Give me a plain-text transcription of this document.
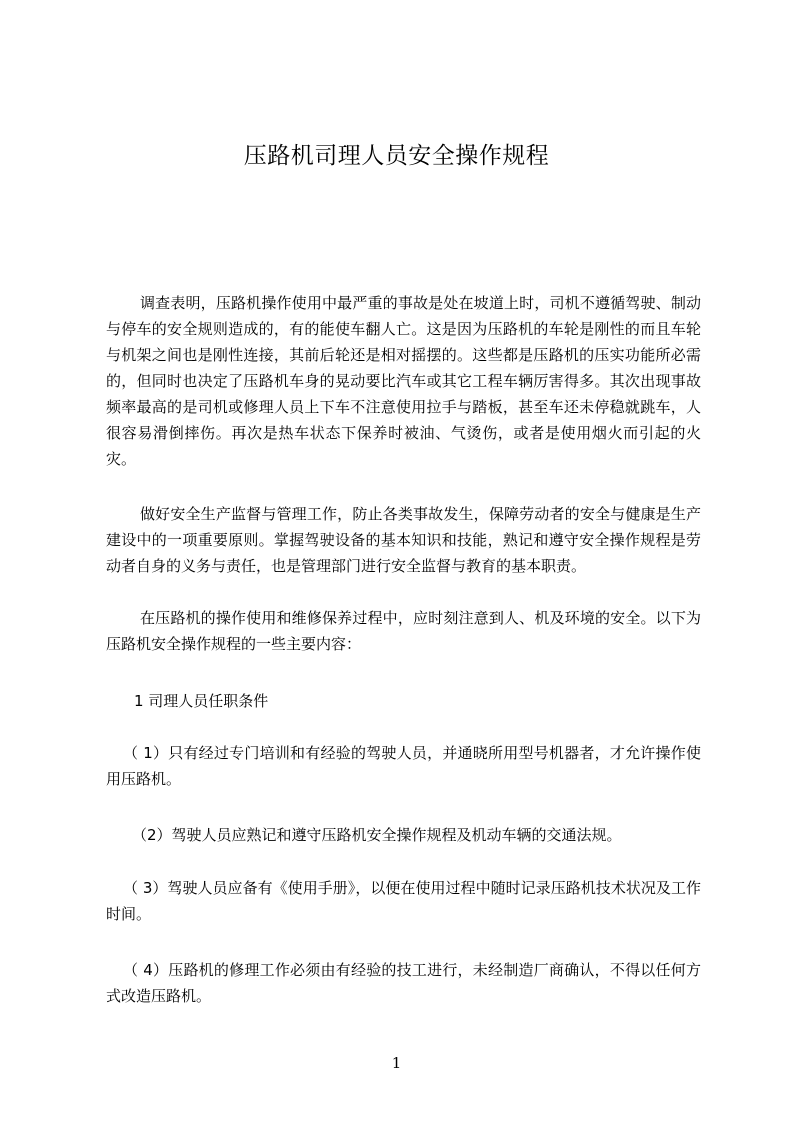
压路机司理人员安全操作规程

调查表明，压路机操作使用中最严重的事故是处在坡道上时，司机不遵循驾驶、制动与停车的安全规则造成的，有的能使车翻人亡。这是因为压路机的车轮是刚性的而且车轮与机架之间也是刚性连接，其前后轮还是相对摇摆的。这些都是压路机的压实功能所必需的，但同时也决定了压路机车身的晃动要比汽车或其它工程车辆厉害得多。其次出现事故频率最高的是司机或修理人员上下车不注意使用拉手与踏板，甚至车还未停稳就跳车，人很容易滑倒摔伤。再次是热车状态下保养时被油、气烫伤，或者是使用烟火而引起的火灾。

做好安全生产监督与管理工作，防止各类事故发生，保障劳动者的安全与健康是生产建设中的一项重要原则。掌握驾驶设备的基本知识和技能，熟记和遵守安全操作规程是劳动者自身的义务与责任，也是管理部门进行安全监督与教育的基本职责。

在压路机的操作使用和维修保养过程中，应时刻注意到人、机及环境的安全。以下为压路机安全操作规程的一些主要内容：

1 司理人员任职条件

（ 1）只有经过专门培训和有经验的驾驶人员，并通晓所用型号机器者，才允许操作使用压路机。

（2）驾驶人员应熟记和遵守压路机安全操作规程及机动车辆的交通法规。

（ 3）驾驶人员应备有《使用手册》，以便在使用过程中随时记录压路机技术状况及工作时间。

（ 4）压路机的修理工作必须由有经验的技工进行，未经制造厂商确认，不得以任何方式改造压路机。

1
